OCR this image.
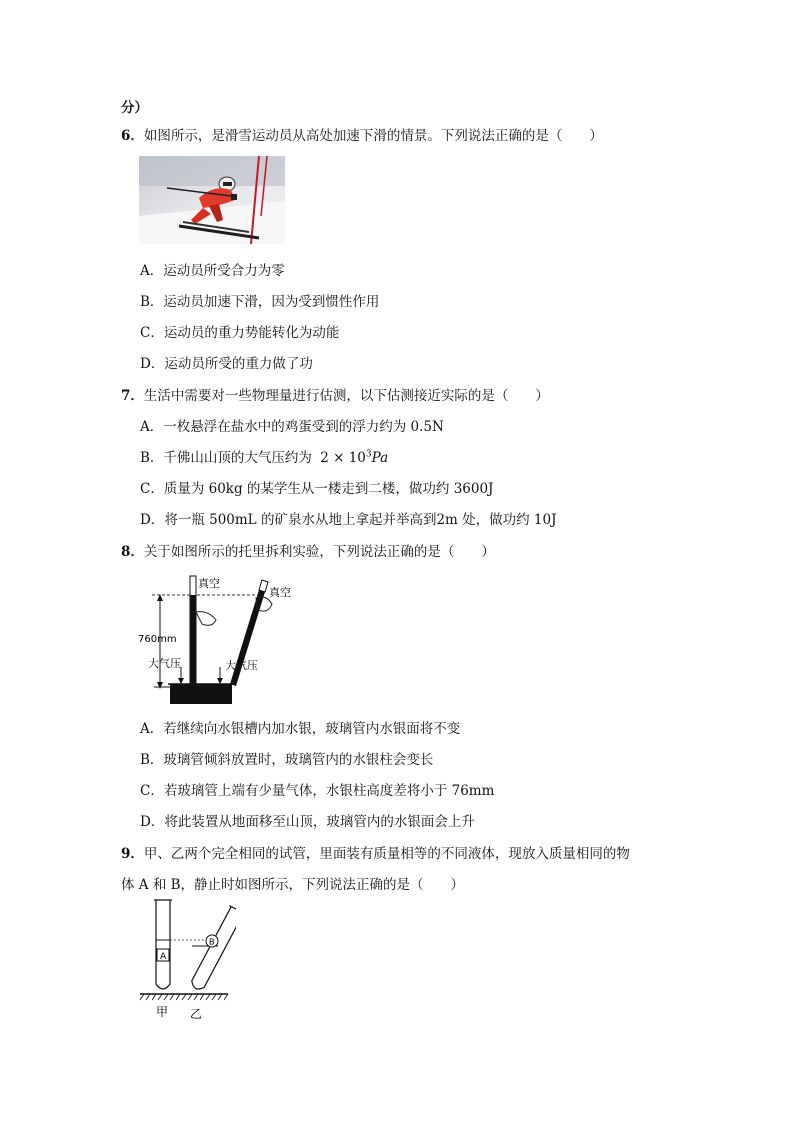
分）
6．如图所示，是滑雪运动员从高处加速下滑的情景。下列说法正确的是（　　）
A．运动员所受合力为零
B．运动员加速下滑，因为受到惯性作用
C．运动员的重力势能转化为动能
D．运动员所受的重力做了功
7．生活中需要对一些物理量进行估测，以下估测接近实际的是（　　）
A．一枚悬浮在盐水中的鸡蛋受到的浮力约为 0.5N
B．千佛山山顶的大气压约为 $2 \times 10^3Pa$
C．质量为 60kg 的某学生从一楼走到二楼，做功约 3600J
D．将一瓶 500mL 的矿泉水从地上拿起并举高到2m 处，做功约 10J
8．关于如图所示的托里拆利实验，下列说法正确的是（　　）
真空
真空
760mm
大气压	大气压
A．若继续向水银槽内加水银，玻璃管内水银面将不变
B．玻璃管倾斜放置时，玻璃管内的水银柱会变长
C．若玻璃管上端有少量气体，水银柱高度差将小于 76mm
D．将此装置从地面移至山顶，玻璃管内的水银面会上升
9．甲、乙两个完全相同的试管，里面装有质量相等的不同液体，现放入质量相同的物
体 A 和 B，静止时如图所示，下列说法正确的是（　　）
A
B
甲 乙
